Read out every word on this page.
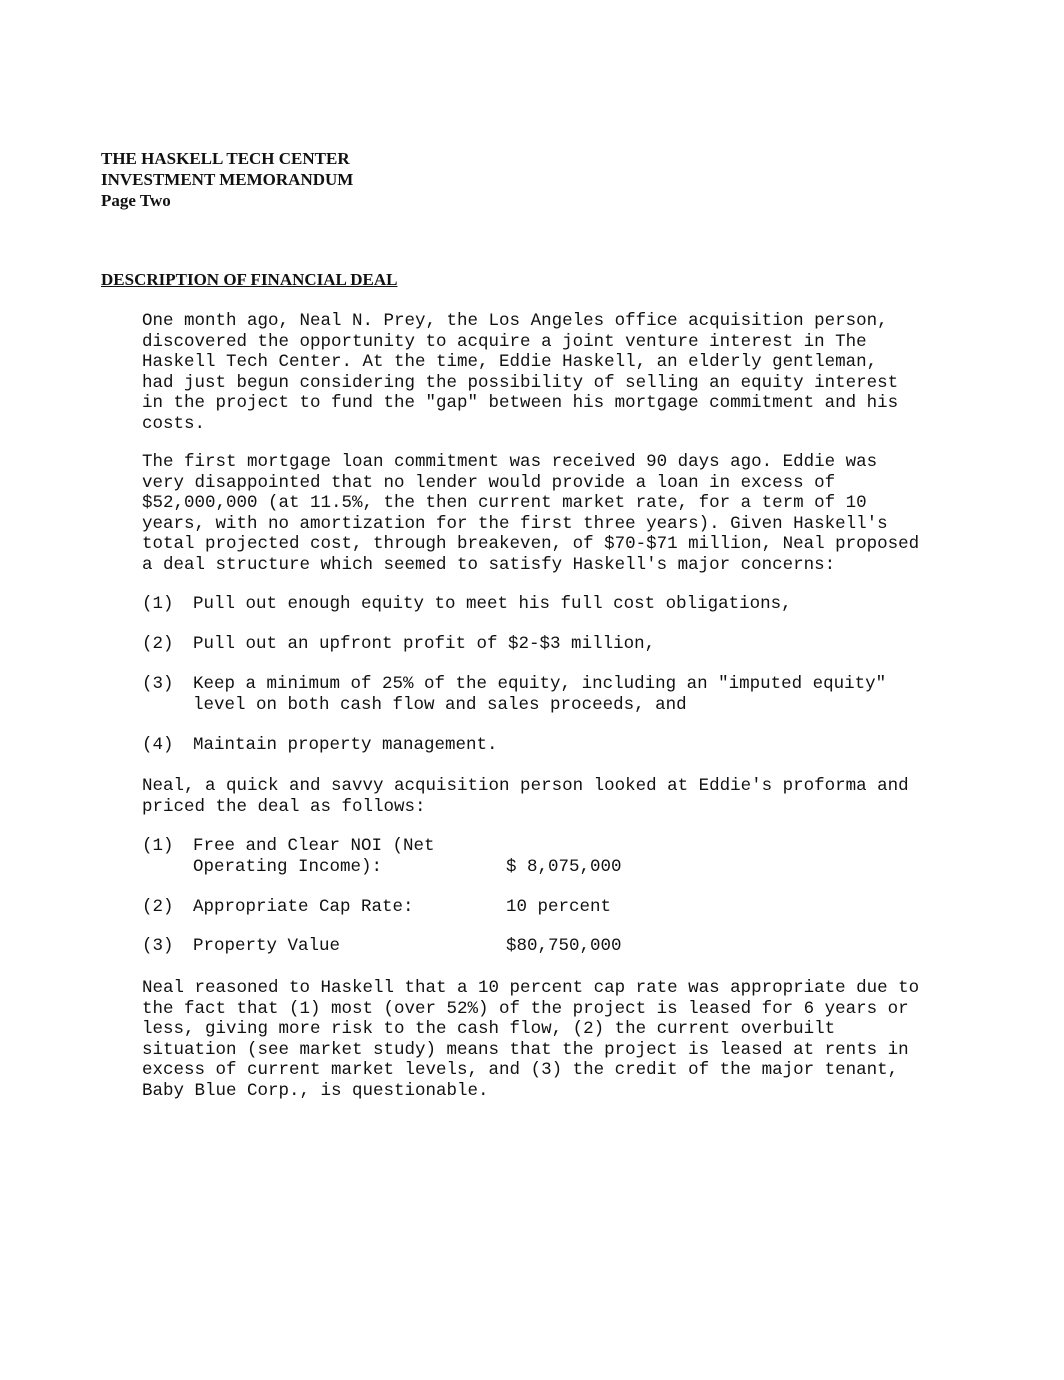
THE HASKELL TECH CENTER
INVESTMENT MEMORANDUM
Page Two
DESCRIPTION OF FINANCIAL DEAL
One month ago, Neal N. Prey, the Los Angeles office acquisition person,
discovered the opportunity to acquire a joint venture interest in The
Haskell Tech Center. At the time, Eddie Haskell, an elderly gentleman,
had just begun considering the possibility of selling an equity interest
in the project to fund the "gap" between his mortgage commitment and his
costs.
The first mortgage loan commitment was received 90 days ago. Eddie was
very disappointed that no lender would provide a loan in excess of
$52,000,000 (at 11.5%, the then current market rate, for a term of 10
years, with no amortization for the first three years). Given Haskell's
total projected cost, through breakeven, of $70-$71 million, Neal proposed
a deal structure which seemed to satisfy Haskell's major concerns:
(1) Pull out enough equity to meet his full cost obligations,
(2) Pull out an upfront profit of $2-$3 million,
(3) Keep a minimum of 25% of the equity, including an "imputed equity"
level on both cash flow and sales proceeds, and
(4) Maintain property management.
Neal, a quick and savvy acquisition person looked at Eddie's proforma and
priced the deal as follows:
(1) Free and Clear NOI (Net
Operating Income):	$ 8,075,000
(2) Appropriate Cap Rate:	10 percent
(3) Property Value	$80,750,000
Neal reasoned to Haskell that a 10 percent cap rate was appropriate due to
the fact that (1) most (over 52%) of the project is leased for 6 years or
less, giving more risk to the cash flow, (2) the current overbuilt
situation (see market study) means that the project is leased at rents in
excess of current market levels, and (3) the credit of the major tenant,
Baby Blue Corp., is questionable.
